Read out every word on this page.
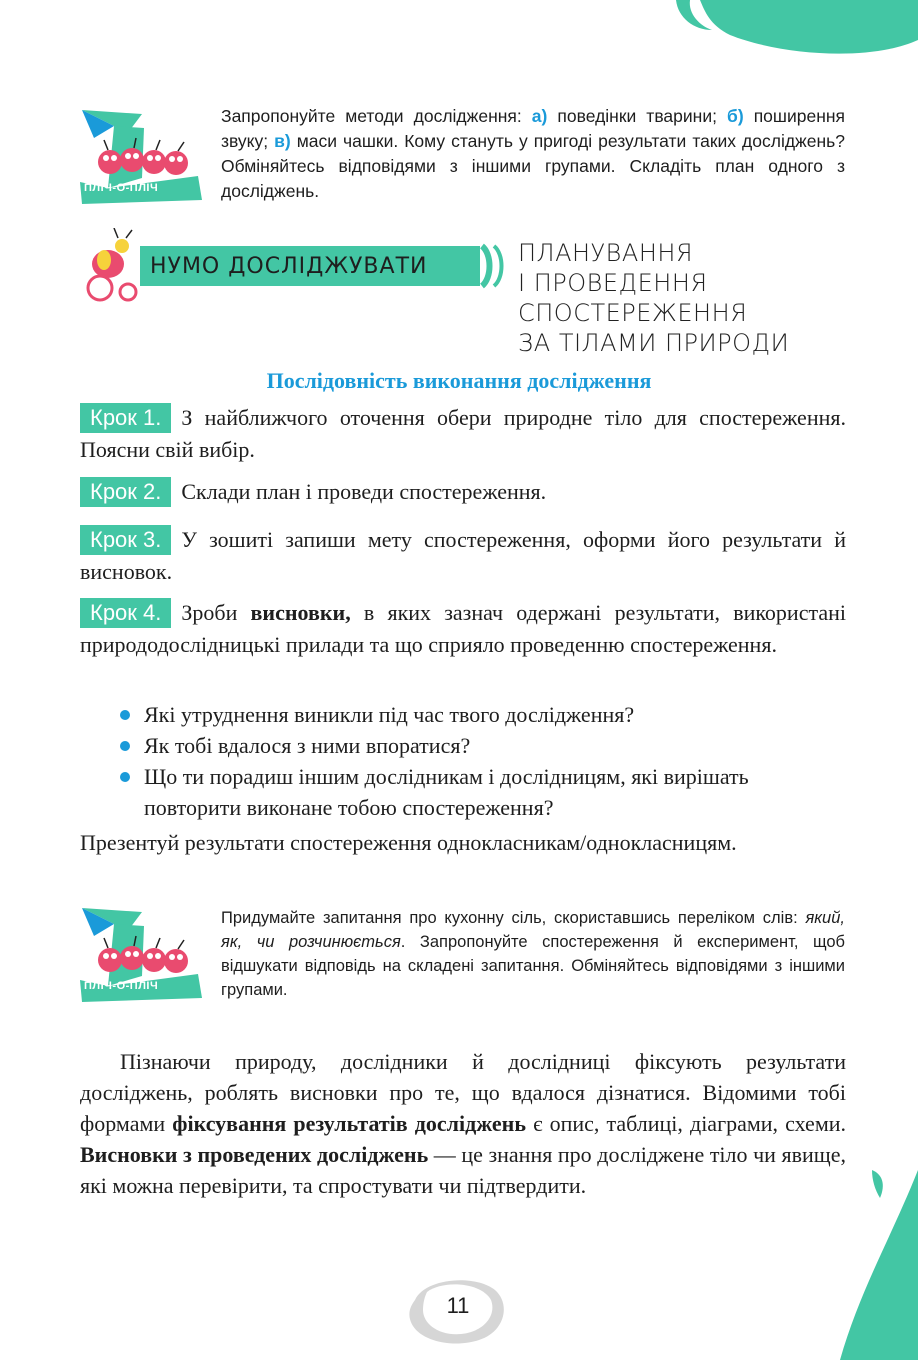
ПЛІЧ-О-ПЛІЧ
Запропонуйте методи дослідження: а) поведінки тварини; б) поширення звуку; в) маси чашки. Кому стануть у пригоді результати таких досліджень? Обміняйтесь відповідями з іншими групами. Складіть план одного з досліджень.
НУМО ДОСЛІДЖУВАТИ	ПЛАНУВАННЯ
І ПРОВЕДЕННЯ
СПОСТЕРЕЖЕННЯ
ЗА ТІЛАМИ ПРИРОДИ
Послідовність виконання дослідження
Крок 1. З найближчого оточення обери природне тіло для спостереження. Поясни свій вибір.
Крок 2. Склади план і проведи спостереження.
Крок 3. У зошиті запиши мету спостереження, оформи його результати й висновок.
Крок 4. Зроби висновки, в яких зазнач одержані результати, використані природодослідницькі прилади та що сприяло проведенню спостереження.
Які утруднення виникли під час твого дослідження?
Як тобі вдалося з ними впоратися?
Що ти порадиш іншим дослідникам і дослідницям, які вирішать повторити виконане тобою спостереження?
Презентуй результати спостереження однокласникам/однокласницям.
ПЛІЧ-О-ПЛІЧ
Придумайте запитання про кухонну сіль, скориставшись переліком слів: який, як, чи розчинюється. Запропонуйте спостереження й експеримент, щоб відшукати відповідь на складені запитання. Обміняйтесь відповідями з іншими групами.
Пізнаючи природу, дослідники й дослідниці фіксують результати досліджень, роблять висновки про те, що вдалося дізнатися. Відомими тобі формами фіксування результатів досліджень є опис, таблиці, діаграми, схеми. Висновки з проведених досліджень — це знання про досліджене тіло чи явище, які можна перевірити, та спростувати чи підтвердити.
11
